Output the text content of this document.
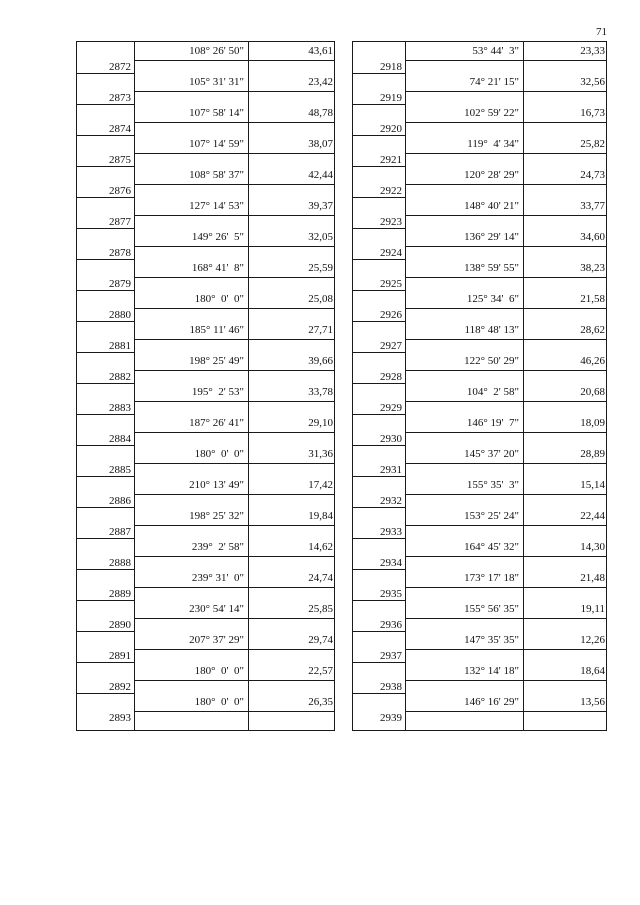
71
2872
108° 26' 50"	43,61
2873
105° 31' 31"	23,42
2874
107° 58' 14"	48,78
2875
107° 14' 59"	38,07
2876
108° 58' 37"	42,44
2877
127° 14' 53"	39,37
2878
149° 26'  5"	32,05
2879
168° 41'  8"	25,59
2880
180°  0'  0"	25,08
2881
185° 11' 46"	27,71
2882
198° 25' 49"	39,66
2883
195°  2' 53"	33,78
2884
187° 26' 41"	29,10
2885
180°  0'  0"	31,36
2886
210° 13' 49"	17,42
2887
198° 25' 32"	19,84
2888
239°  2' 58"	14,62
2889
239° 31'  0"	24,74
2890
230° 54' 14"	25,85
2891
207° 37' 29"	29,74
2892
180°  0'  0"	22,57
2893
180°  0'  0"	26,35
2918
53° 44'  3"	23,33
2919
74° 21' 15"	32,56
2920
102° 59' 22"	16,73
2921
119°  4' 34"	25,82
2922
120° 28' 29"	24,73
2923
148° 40' 21"	33,77
2924
136° 29' 14"	34,60
2925
138° 59' 55"	38,23
2926
125° 34'  6"	21,58
2927
118° 48' 13"	28,62
2928
122° 50' 29"	46,26
2929
104°  2' 58"	20,68
2930
146° 19'  7"	18,09
2931
145° 37' 20"	28,89
2932
155° 35'  3"	15,14
2933
153° 25' 24"	22,44
2934
164° 45' 32"	14,30
2935
173° 17' 18"	21,48
2936
155° 56' 35"	19,11
2937
147° 35' 35"	12,26
2938
132° 14' 18"	18,64
2939
146° 16' 29"	13,56
